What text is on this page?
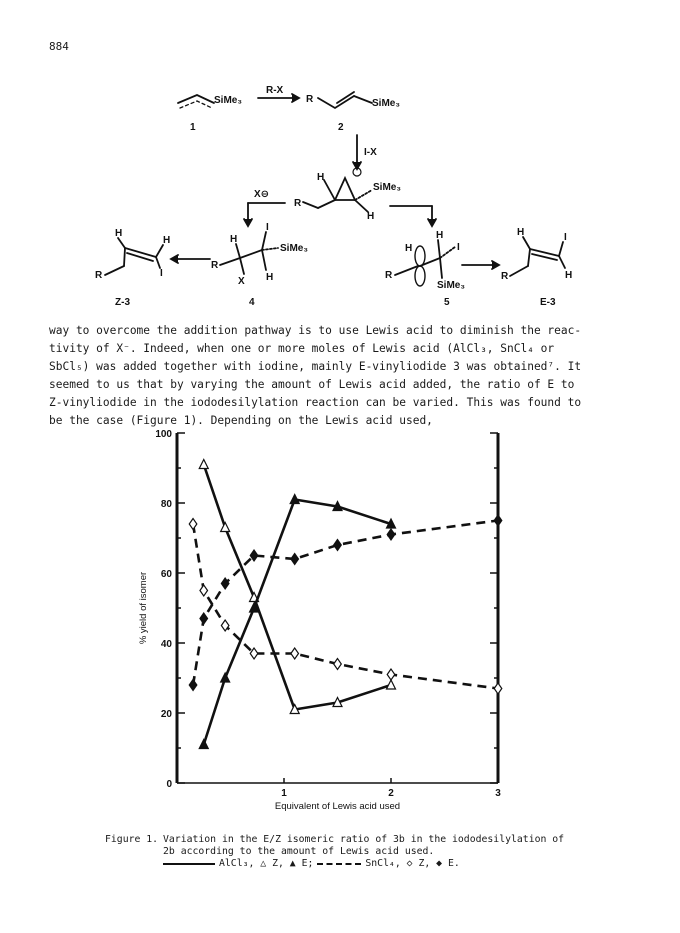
884
SiMe₃
R-X
R	SiMe₃
1	2
I-X
H
SiMe₃
R
H
X⊖
H
H
R	I
Z-3
H
I
SiMe₃
R
X H
4
H
H
I
R
SiMe₃
5
H	I
R	H
E-3
way to overcome the addition pathway is to use Lewis acid to diminish the reac-
tivity of X⁻. Indeed, when one or more moles of Lewis acid (AlCl₃, SnCl₄ or
SbCl₅) was added together with iodine, mainly E-vinyliodide 3 was obtained⁷. It
seemed to us that by varying the amount of Lewis acid added, the ratio of E to
Z-vinyliodide in the iododesilylation reaction can be varied. This was found to
be the case (Figure 1). Depending on the Lewis acid used,
0
20
40
60
80
100
1	2	3
Equivalent of Lewis acid used
% yield of isomer
Figure 1. Variation in the E/Z isomeric ratio of 3b in the iododesilylation of
2b according to the amount of Lewis acid used.
AlCl₃, △ Z, ▲ E;	SnCl₄, ◇ Z, ◆ E.
